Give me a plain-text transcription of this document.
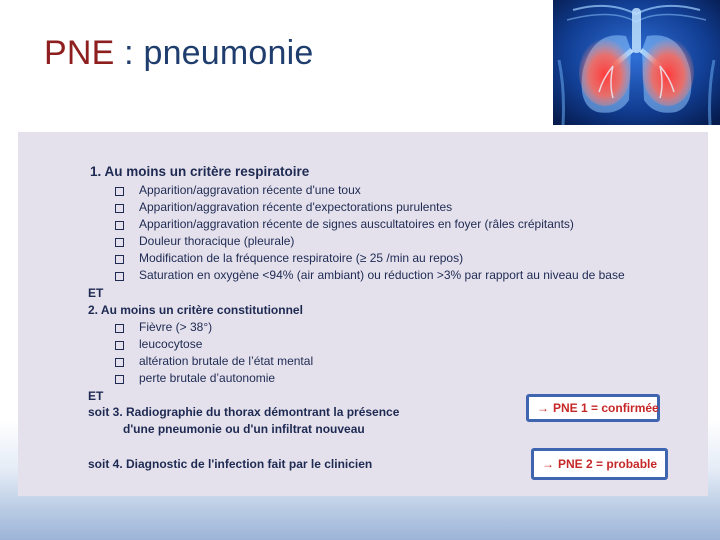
PNE : pneumonie
1. Au moins un critère respiratoire
Apparition/aggravation récente d'une toux
Apparition/aggravation récente d'expectorations purulentes
Apparition/aggravation récente de signes auscultatoires en foyer (râles crépitants)
Douleur thoracique (pleurale)
Modification de la fréquence respiratoire (≥ 25 /min au repos)
Saturation en oxygène <94% (air ambiant) ou réduction >3% par rapport au niveau de base
ET
2. Au moins un critère constitutionnel
Fièvre (> 38°)
leucocytose
altération brutale de l’état mental
perte brutale d’autonomie
ET
soit 3. Radiographie du thorax démontrant la présence
d'une pneumonie ou d'un infiltrat nouveau
soit 4. Diagnostic de l'infection fait par le clinicien
→ PNE 1 = confirmée
→ PNE 2 = probable
